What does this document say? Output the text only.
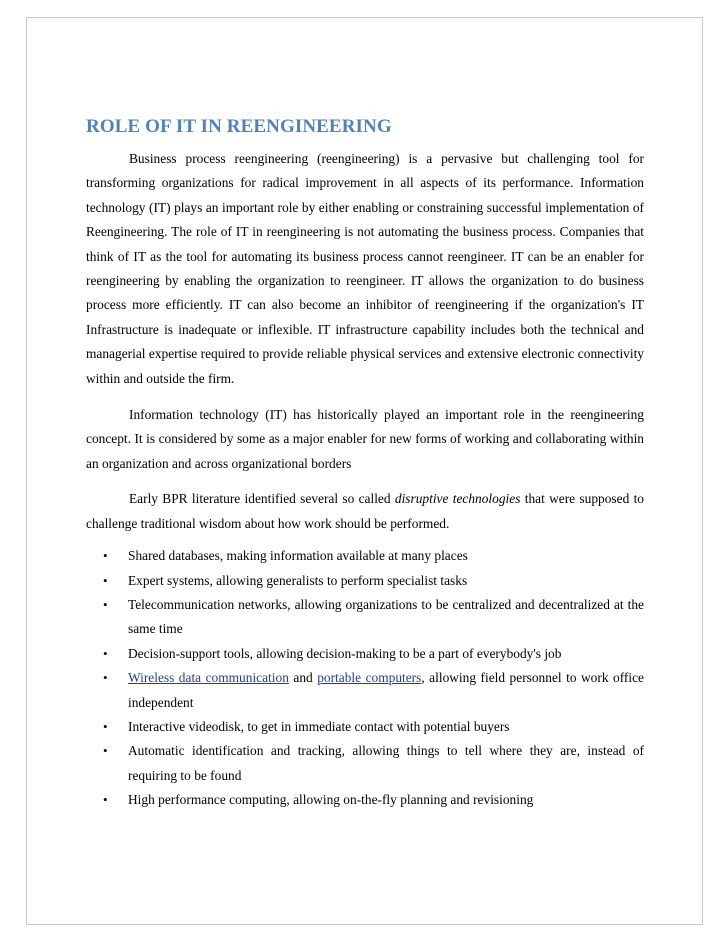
ROLE OF IT IN REENGINEERING

Business process reengineering (reengineering) is a pervasive but challenging tool for transforming organizations for radical improvement in all aspects of its performance. Information technology (IT) plays an important role by either enabling or constraining successful implementation of Reengineering. The role of IT in reengineering is not automating the business process. Companies that think of IT as the tool for automating its business process cannot reengineer. IT can be an enabler for reengineering by enabling the organization to reengineer. IT allows the organization to do business process more efficiently. IT can also become an inhibitor of reengineering if the organization's IT Infrastructure is inadequate or inflexible. IT infrastructure capability includes both the technical and managerial expertise required to provide reliable physical services and extensive electronic connectivity within and outside the firm.

Information technology (IT) has historically played an important role in the reengineering concept. It is considered by some as a major enabler for new forms of working and collaborating within an organization and across organizational borders

Early BPR literature identified several so called disruptive technologies that were supposed to challenge traditional wisdom about how work should be performed.

• Shared databases, making information available at many places
• Expert systems, allowing generalists to perform specialist tasks
• Telecommunication networks, allowing organizations to be centralized and decentralized at the same time
• Decision-support tools, allowing decision-making to be a part of everybody's job
• Wireless data communication and portable computers, allowing field personnel to work office independent
• Interactive videodisk, to get in immediate contact with potential buyers
• Automatic identification and tracking, allowing things to tell where they are, instead of requiring to be found
• High performance computing, allowing on-the-fly planning and revisioning
